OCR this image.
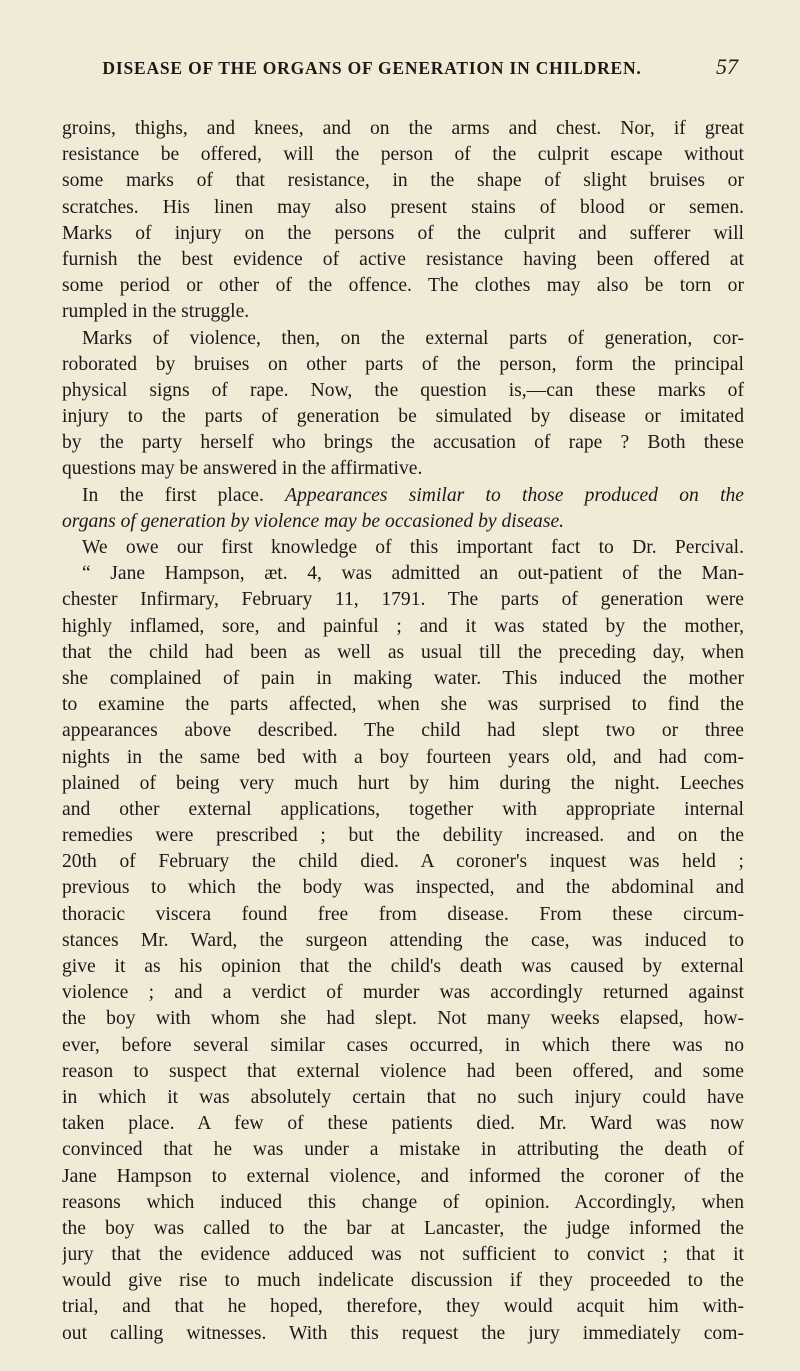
DISEASE OF THE ORGANS OF GENERATION IN CHILDREN.	57
groins, thighs, and knees, and on the arms and chest. Nor, if great
resistance be offered, will the person of the culprit escape without
some marks of that resistance, in the shape of slight bruises or
scratches. His linen may also present stains of blood or semen.
Marks of injury on the persons of the culprit and sufferer will
furnish the best evidence of active resistance having been offered at
some period or other of the offence. The clothes may also be torn or
rumpled in the struggle.
Marks of violence, then, on the external parts of generation, cor-
roborated by bruises on other parts of the person, form the principal
physical signs of rape. Now, the question is,—can these marks of
injury to the parts of generation be simulated by disease or imitated
by the party herself who brings the accusation of rape ? Both these
questions may be answered in the affirmative.
In the first place. Appearances similar to those produced on the
organs of generation by violence may be occasioned by disease.
We owe our first knowledge of this important fact to Dr. Percival.
“ Jane Hampson, æt. 4, was admitted an out-patient of the Man-
chester Infirmary, February 11, 1791. The parts of generation were
highly inflamed, sore, and painful ; and it was stated by the mother,
that the child had been as well as usual till the preceding day, when
she complained of pain in making water. This induced the mother
to examine the parts affected, when she was surprised to find the
appearances above described. The child had slept two or three
nights in the same bed with a boy fourteen years old, and had com-
plained of being very much hurt by him during the night. Leeches
and other external applications, together with appropriate internal
remedies were prescribed ; but the debility increased. and on the
20th of February the child died. A coroner's inquest was held ;
previous to which the body was inspected, and the abdominal and
thoracic viscera found free from disease. From these circum-
stances Mr. Ward, the surgeon attending the case, was induced to
give it as his opinion that the child's death was caused by external
violence ; and a verdict of murder was accordingly returned against
the boy with whom she had slept. Not many weeks elapsed, how-
ever, before several similar cases occurred, in which there was no
reason to suspect that external violence had been offered, and some
in which it was absolutely certain that no such injury could have
taken place. A few of these patients died. Mr. Ward was now
convinced that he was under a mistake in attributing the death of
Jane Hampson to external violence, and informed the coroner of the
reasons which induced this change of opinion. Accordingly, when
the boy was called to the bar at Lancaster, the judge informed the
jury that the evidence adduced was not sufficient to convict ; that it
would give rise to much indelicate discussion if they proceeded to the
trial, and that he hoped, therefore, they would acquit him with-
out calling witnesses. With this request the jury immediately com-
